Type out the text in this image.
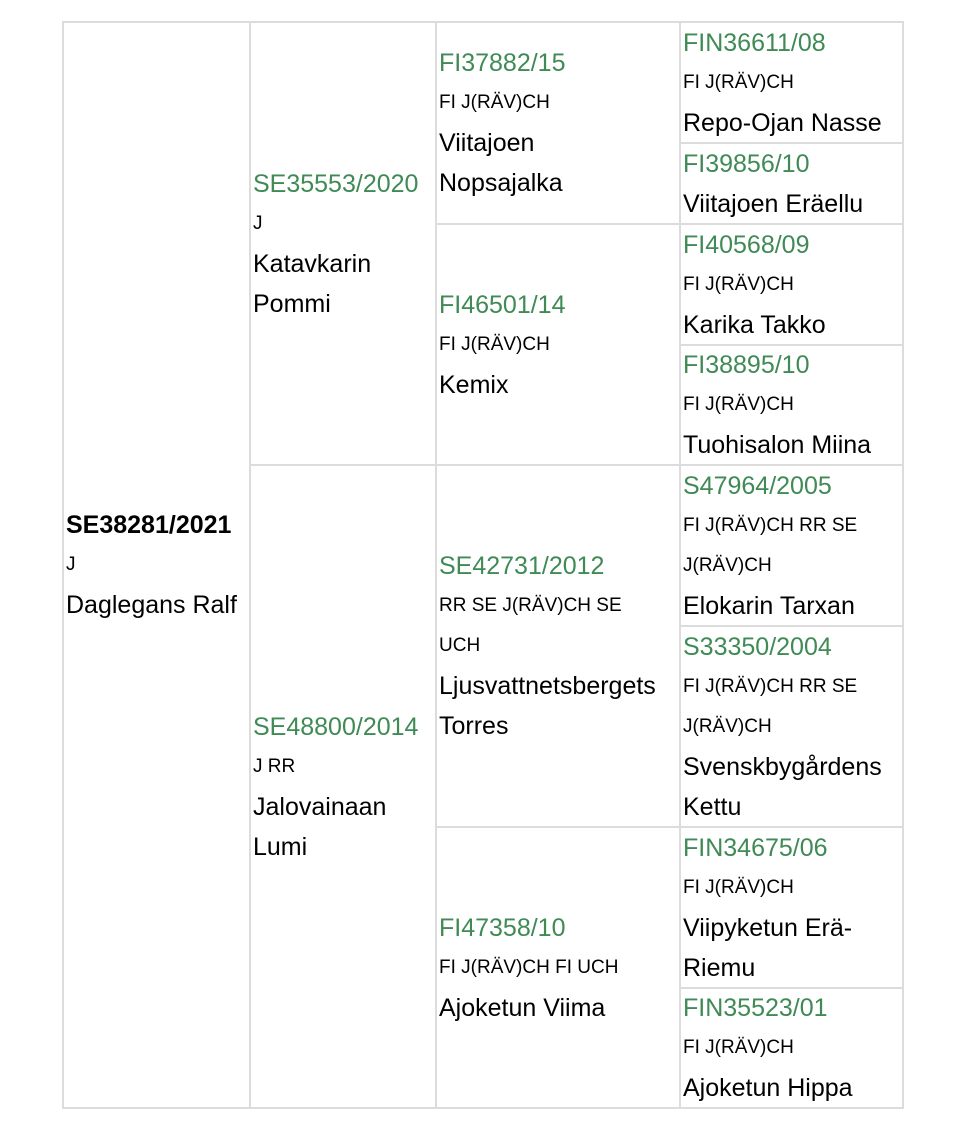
SE38281/2021
J
Daglegans Ralf
SE35553/2020
J
Katavkarin Pommi
SE48800/2014
J RR
Jalovainaan Lumi
FI37882/15
FI J(RÄV)CH
Viitajoen Nopsajalka
FI46501/14
FI J(RÄV)CH
Kemix
SE42731/2012
RR SE J(RÄV)CH SE UCH
Ljusvattnetsbergets Torres
FI47358/10
FI J(RÄV)CH FI UCH
Ajoketun Viima
FIN36611/08
FI J(RÄV)CH
Repo-Ojan Nasse
FI39856/10
Viitajoen Eräellu
FI40568/09
FI J(RÄV)CH
Karika Takko
FI38895/10
FI J(RÄV)CH
Tuohisalon Miina
S47964/2005
FI J(RÄV)CH RR SE J(RÄV)CH
Elokarin Tarxan
S33350/2004
FI J(RÄV)CH RR SE J(RÄV)CH
Svenskbygårdens Kettu
FIN34675/06
FI J(RÄV)CH
Viipyketun Erä-Riemu
FIN35523/01
FI J(RÄV)CH
Ajoketun Hippa
